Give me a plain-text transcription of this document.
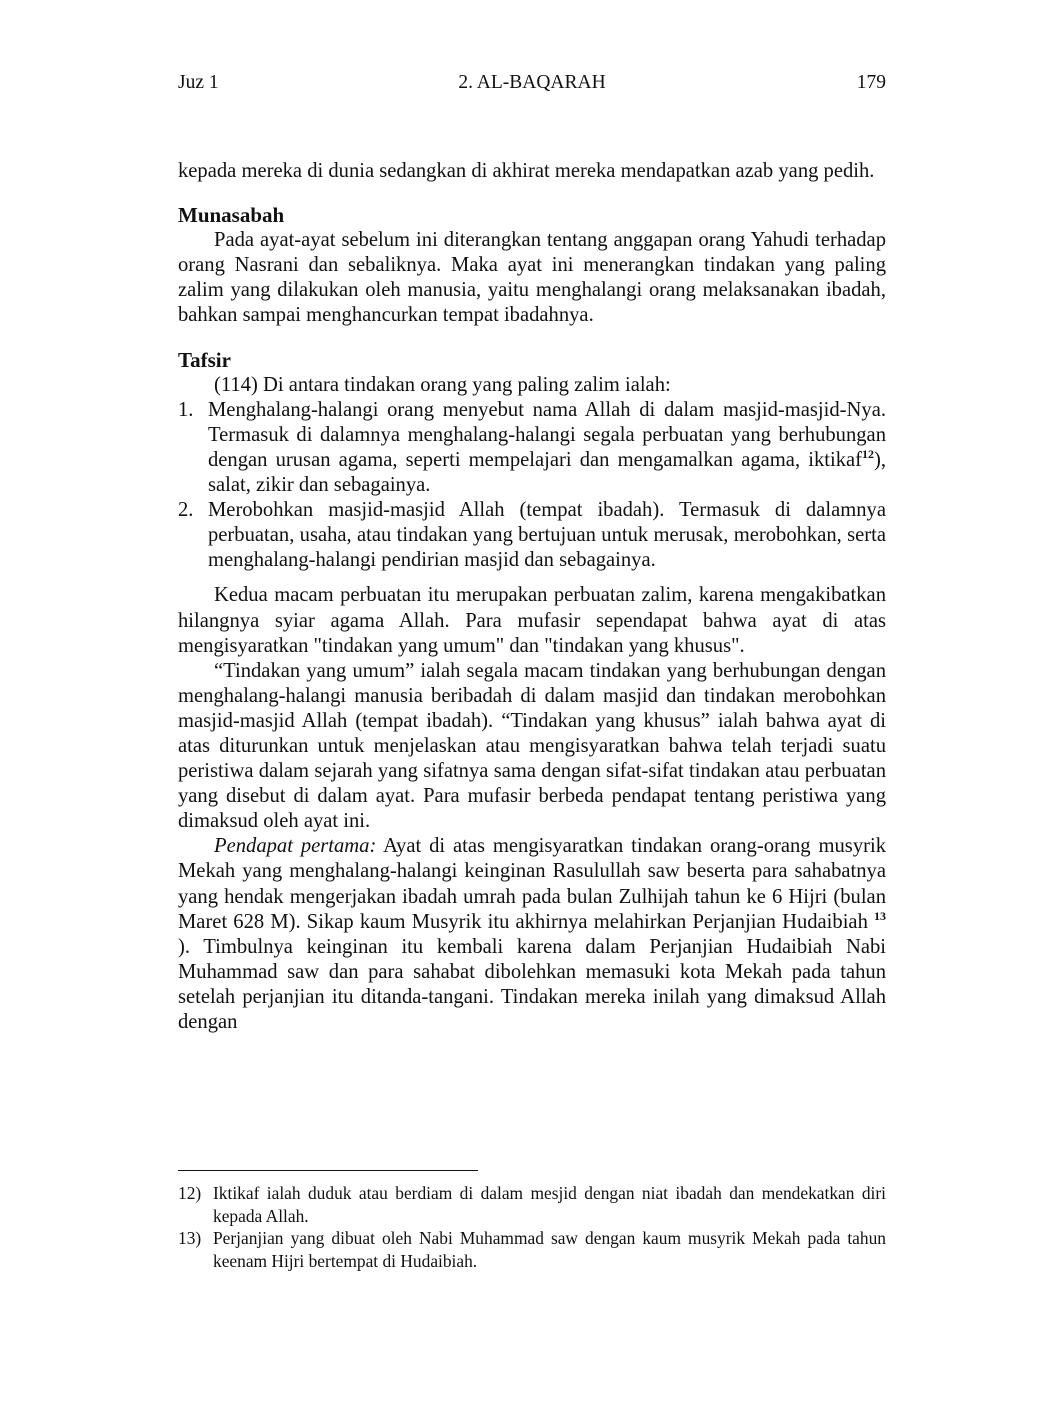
Juz 1	2. AL-BAQARAH	179

kepada mereka di dunia sedangkan di akhirat mereka mendapatkan azab yang pedih.

Munasabah

Pada ayat-ayat sebelum ini diterangkan tentang anggapan orang Yahudi terhadap orang Nasrani dan sebaliknya. Maka ayat ini menerangkan tindakan yang paling zalim yang dilakukan oleh manusia, yaitu menghalangi orang melaksanakan ibadah, bahkan sampai menghancurkan tempat ibadahnya.

Tafsir

(114) Di antara tindakan orang yang paling zalim ialah:

1. Menghalang-halangi orang menyebut nama Allah di dalam masjid-masjid-Nya. Termasuk di dalamnya menghalang-halangi segala perbuatan yang berhubungan dengan urusan agama, seperti mempelajari dan mengamalkan agama, iktikaf$^{12}$), salat, zikir dan sebagainya.
2. Merobohkan masjid-masjid Allah (tempat ibadah). Termasuk di dalamnya perbuatan, usaha, atau tindakan yang bertujuan untuk merusak, merobohkan, serta menghalang-halangi pendirian masjid dan sebagainya.

Kedua macam perbuatan itu merupakan perbuatan zalim, karena mengakibatkan hilangnya syiar agama Allah. Para mufasir sependapat bahwa ayat di atas mengisyaratkan "tindakan yang umum" dan "tindakan yang khusus".

“Tindakan yang umum” ialah segala macam tindakan yang berhubungan dengan menghalang-halangi manusia beribadah di dalam masjid dan tindakan merobohkan masjid-masjid Allah (tempat ibadah). “Tindakan yang khusus” ialah bahwa ayat di atas diturunkan untuk menjelaskan atau mengisyaratkan bahwa telah terjadi suatu peristiwa dalam sejarah yang sifatnya sama dengan sifat-sifat tindakan atau perbuatan yang disebut di dalam ayat. Para mufasir berbeda pendapat tentang peristiwa yang dimaksud oleh ayat ini.

Pendapat pertama: Ayat di atas mengisyaratkan tindakan orang-orang musyrik Mekah yang menghalang-halangi keinginan Rasulullah saw beserta para sahabatnya yang hendak mengerjakan ibadah umrah pada bulan Zulhijah tahun ke 6 Hijri (bulan Maret 628 M). Sikap kaum Musyrik itu akhirnya melahirkan Perjanjian Hudaibiah $^{13}$ ). Timbulnya keinginan itu kembali karena dalam Perjanjian Hudaibiah Nabi Muhammad saw dan para sahabat dibolehkan memasuki kota Mekah pada tahun setelah perjanjian itu ditanda-tangani. Tindakan mereka inilah yang dimaksud Allah dengan

12) Iktikaf ialah duduk atau berdiam di dalam mesjid dengan niat ibadah dan mendekatkan diri kepada Allah.
13) Perjanjian yang dibuat oleh Nabi Muhammad saw dengan kaum musyrik Mekah pada tahun keenam Hijri bertempat di Hudaibiah.
